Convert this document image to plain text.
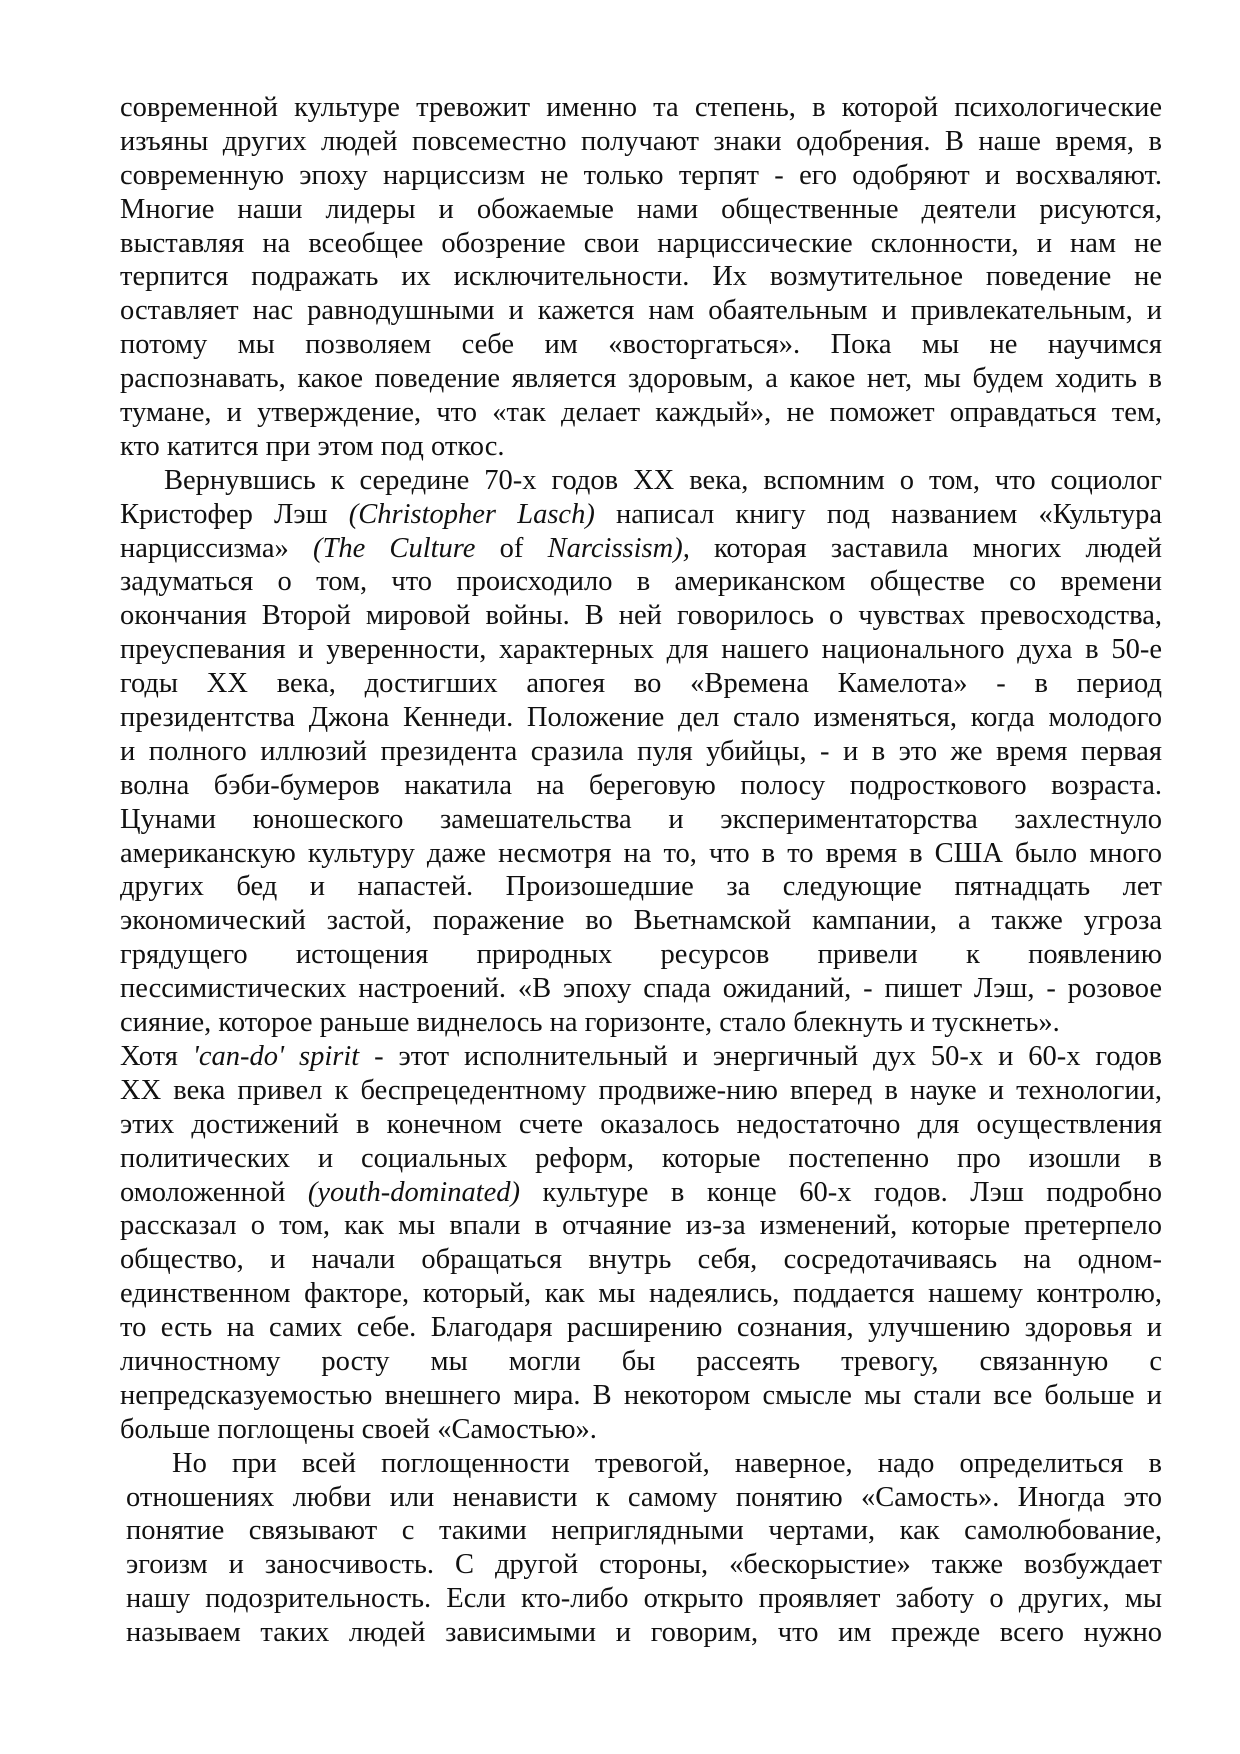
современной культуре тревожит именно та степень, в которой психологические
изъяны других людей повсеместно получают знаки одобрения. В наше время, в
современную эпоху нарциссизм не только терпят - его одобряют и восхваляют.
Многие наши лидеры и обожаемые нами общественные деятели рисуются,
выставляя на всеобщее обозрение свои нарциссические склонности, и нам не
терпится подражать их исключительности. Их возмутительное поведение не
оставляет нас равнодушными и кажется нам обаятельным и привлекательным, и
потому мы позволяем себе им «восторгаться». Пока мы не научимся
распознавать, какое поведение является здоровым, а какое нет, мы будем ходить в
тумане, и утверждение, что «так делает каждый», не поможет оправдаться тем,
кто катится при этом под откос.
Вернувшись к середине 70-х годов XX века, вспомним о том, что социолог
Кристофер Лэш (Christopher Lasch) написал книгу под названием «Культура
нарциссизма» (The Culture of Narcissism), которая заставила многих людей
задуматься о том, что происходило в американском обществе со времени
окончания Второй мировой войны. В ней говорилось о чувствах превосходства,
преуспевания и уверенности, характерных для нашего национального духа в 50-е
годы XX века, достигших апогея во «Времена Камелота» - в период
президентства Джона Кеннеди. Положение дел стало изменяться, когда молодого
и полного иллюзий президента сразила пуля убийцы, - и в это же время первая
волна бэби-бумеров накатила на береговую полосу подросткового возраста.
Цунами юношеского замешательства и экспериментаторства захлестнуло
американскую культуру даже несмотря на то, что в то время в США было много
других бед и напастей. Произошедшие за следующие пятнадцать лет
экономический застой, поражение во Вьетнамской кампании, а также угроза
грядущего истощения природных ресурсов привели к появлению
пессимистических настроений. «В эпоху спада ожиданий, - пишет Лэш, - розовое
сияние, которое раньше виднелось на горизонте, стало блекнуть и тускнеть».
Хотя 'can-do' spirit - этот исполнительный и энергичный дух 50-х и 60-х годов
XX века привел к беспрецедентному продвиже-нию вперед в науке и технологии,
этих достижений в конечном счете оказалось недостаточно для осуществления
политических и социальных реформ, которые постепенно про изошли в
омоложенной (youth-dominated) культуре в конце 60-х годов. Лэш подробно
рассказал о том, как мы впали в отчаяние из-за изменений, которые претерпело
общество, и начали обращаться внутрь себя, сосредотачиваясь на одном-
единственном факторе, который, как мы надеялись, поддается нашему контролю,
то есть на самих себе. Благодаря расширению сознания, улучшению здоровья и
личностному росту мы могли бы рассеять тревогу, связанную с
непредсказуемостью внешнего мира. В некотором смысле мы стали все больше и
больше поглощены своей «Самостью».
Но при всей поглощенности тревогой, наверное, надо определиться в
отношениях любви или ненависти к самому понятию «Самость». Иногда это
понятие связывают с такими неприглядными чертами, как самолюбование,
эгоизм и заносчивость. С другой стороны, «бескорыстие» также возбуждает
нашу подозрительность. Если кто-либо открыто проявляет заботу о других, мы
называем таких людей зависимыми и говорим, что им прежде всего нужно
